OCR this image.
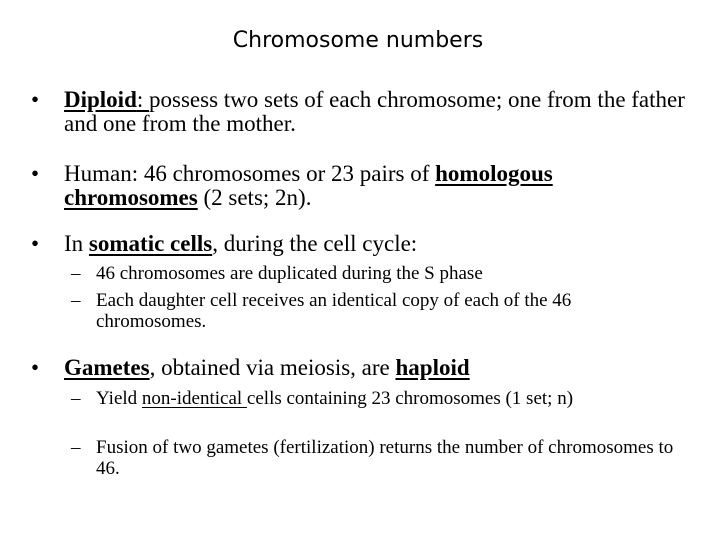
Chromosome numbers
• Diploid: possess two sets of each chromosome; one from the father and one from the mother.
• Human: 46 chromosomes or 23 pairs of homologous chromosomes (2 sets; 2n).
• In somatic cells, during the cell cycle:
– 46 chromosomes are duplicated during the S phase
– Each daughter cell receives an identical copy of each of the 46 chromosomes.
• Gametes, obtained via meiosis, are haploid
– Yield non-identical cells containing 23 chromosomes (1 set; n)
– Fusion of two gametes (fertilization) returns the number of chromosomes to 46.
